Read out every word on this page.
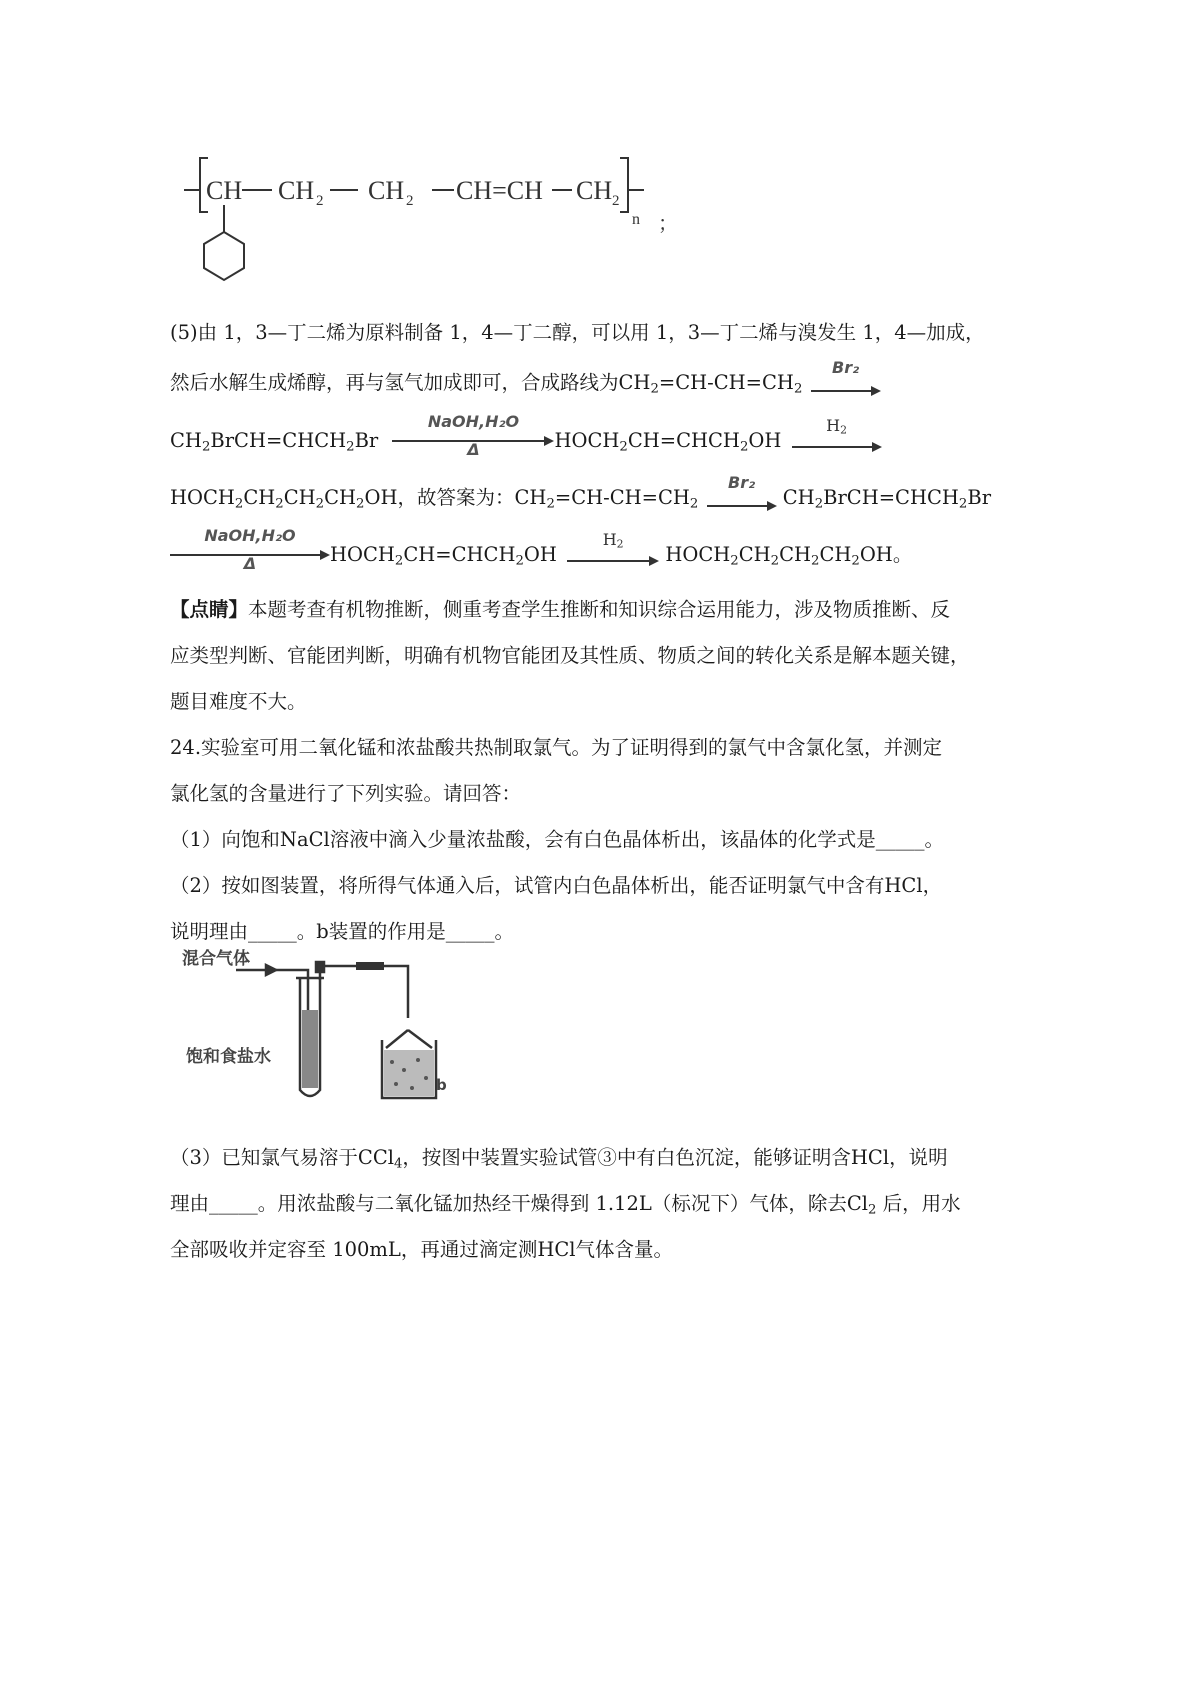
CH CH 2 CH 2 CH=CH CH 2
n ；
(5)由 1，3—丁二烯为原料制备 1，4—丁二醇，可以用 1，3—丁二烯与溴发生 1，4—加成，
然后水解生成烯醇，再与氢气加成即可，合成路线为$CH_2=CH-CH=CH_2$
Br₂
$CH_2BrCH=CHCH_2Br$
NaOH,H₂O
Δ	$HOCH_2CH=CHCH_2OH$
$H_2$
$HOCH_2CH_2CH_2CH_2OH$，故答案为：$CH_2=CH-CH=CH_2$
Br₂
$CH_2BrCH=CHCH_2Br$
NaOH,H₂O
Δ	$HOCH_2CH=CHCH_2OH$
$H_2$	$HOCH_2CH_2CH_2CH_2OH$。
【点睛】本题考查有机物推断，侧重考查学生推断和知识综合运用能力，涉及物质推断、反
应类型判断、官能团判断，明确有机物官能团及其性质、物质之间的转化关系是解本题关键，
题目难度不大。
24.实验室可用二氧化锰和浓盐酸共热制取氯气。为了证明得到的氯气中含氯化氢，并测定
氯化氢的含量进行了下列实验。请回答：
（1）向饱和NaCl溶液中滴入少量浓盐酸，会有白色晶体析出，该晶体的化学式是_____。
（2）按如图装置，将所得气体通入后，试管内白色晶体析出，能否证明氯气中含有HCl，
说明理由_____。b装置的作用是_____。
混合气体
饱和食盐水
b
（3）已知氯气易溶于CCl$_4$，按图中装置实验试管③中有白色沉淀，能够证明含HCl，说明
理由_____。用浓盐酸与二氧化锰加热经干燥得到 1.12L（标况下）气体，除去$Cl_2$ 后，用水
全部吸收并定容至 100mL，再通过滴定测HCl气体含量。
